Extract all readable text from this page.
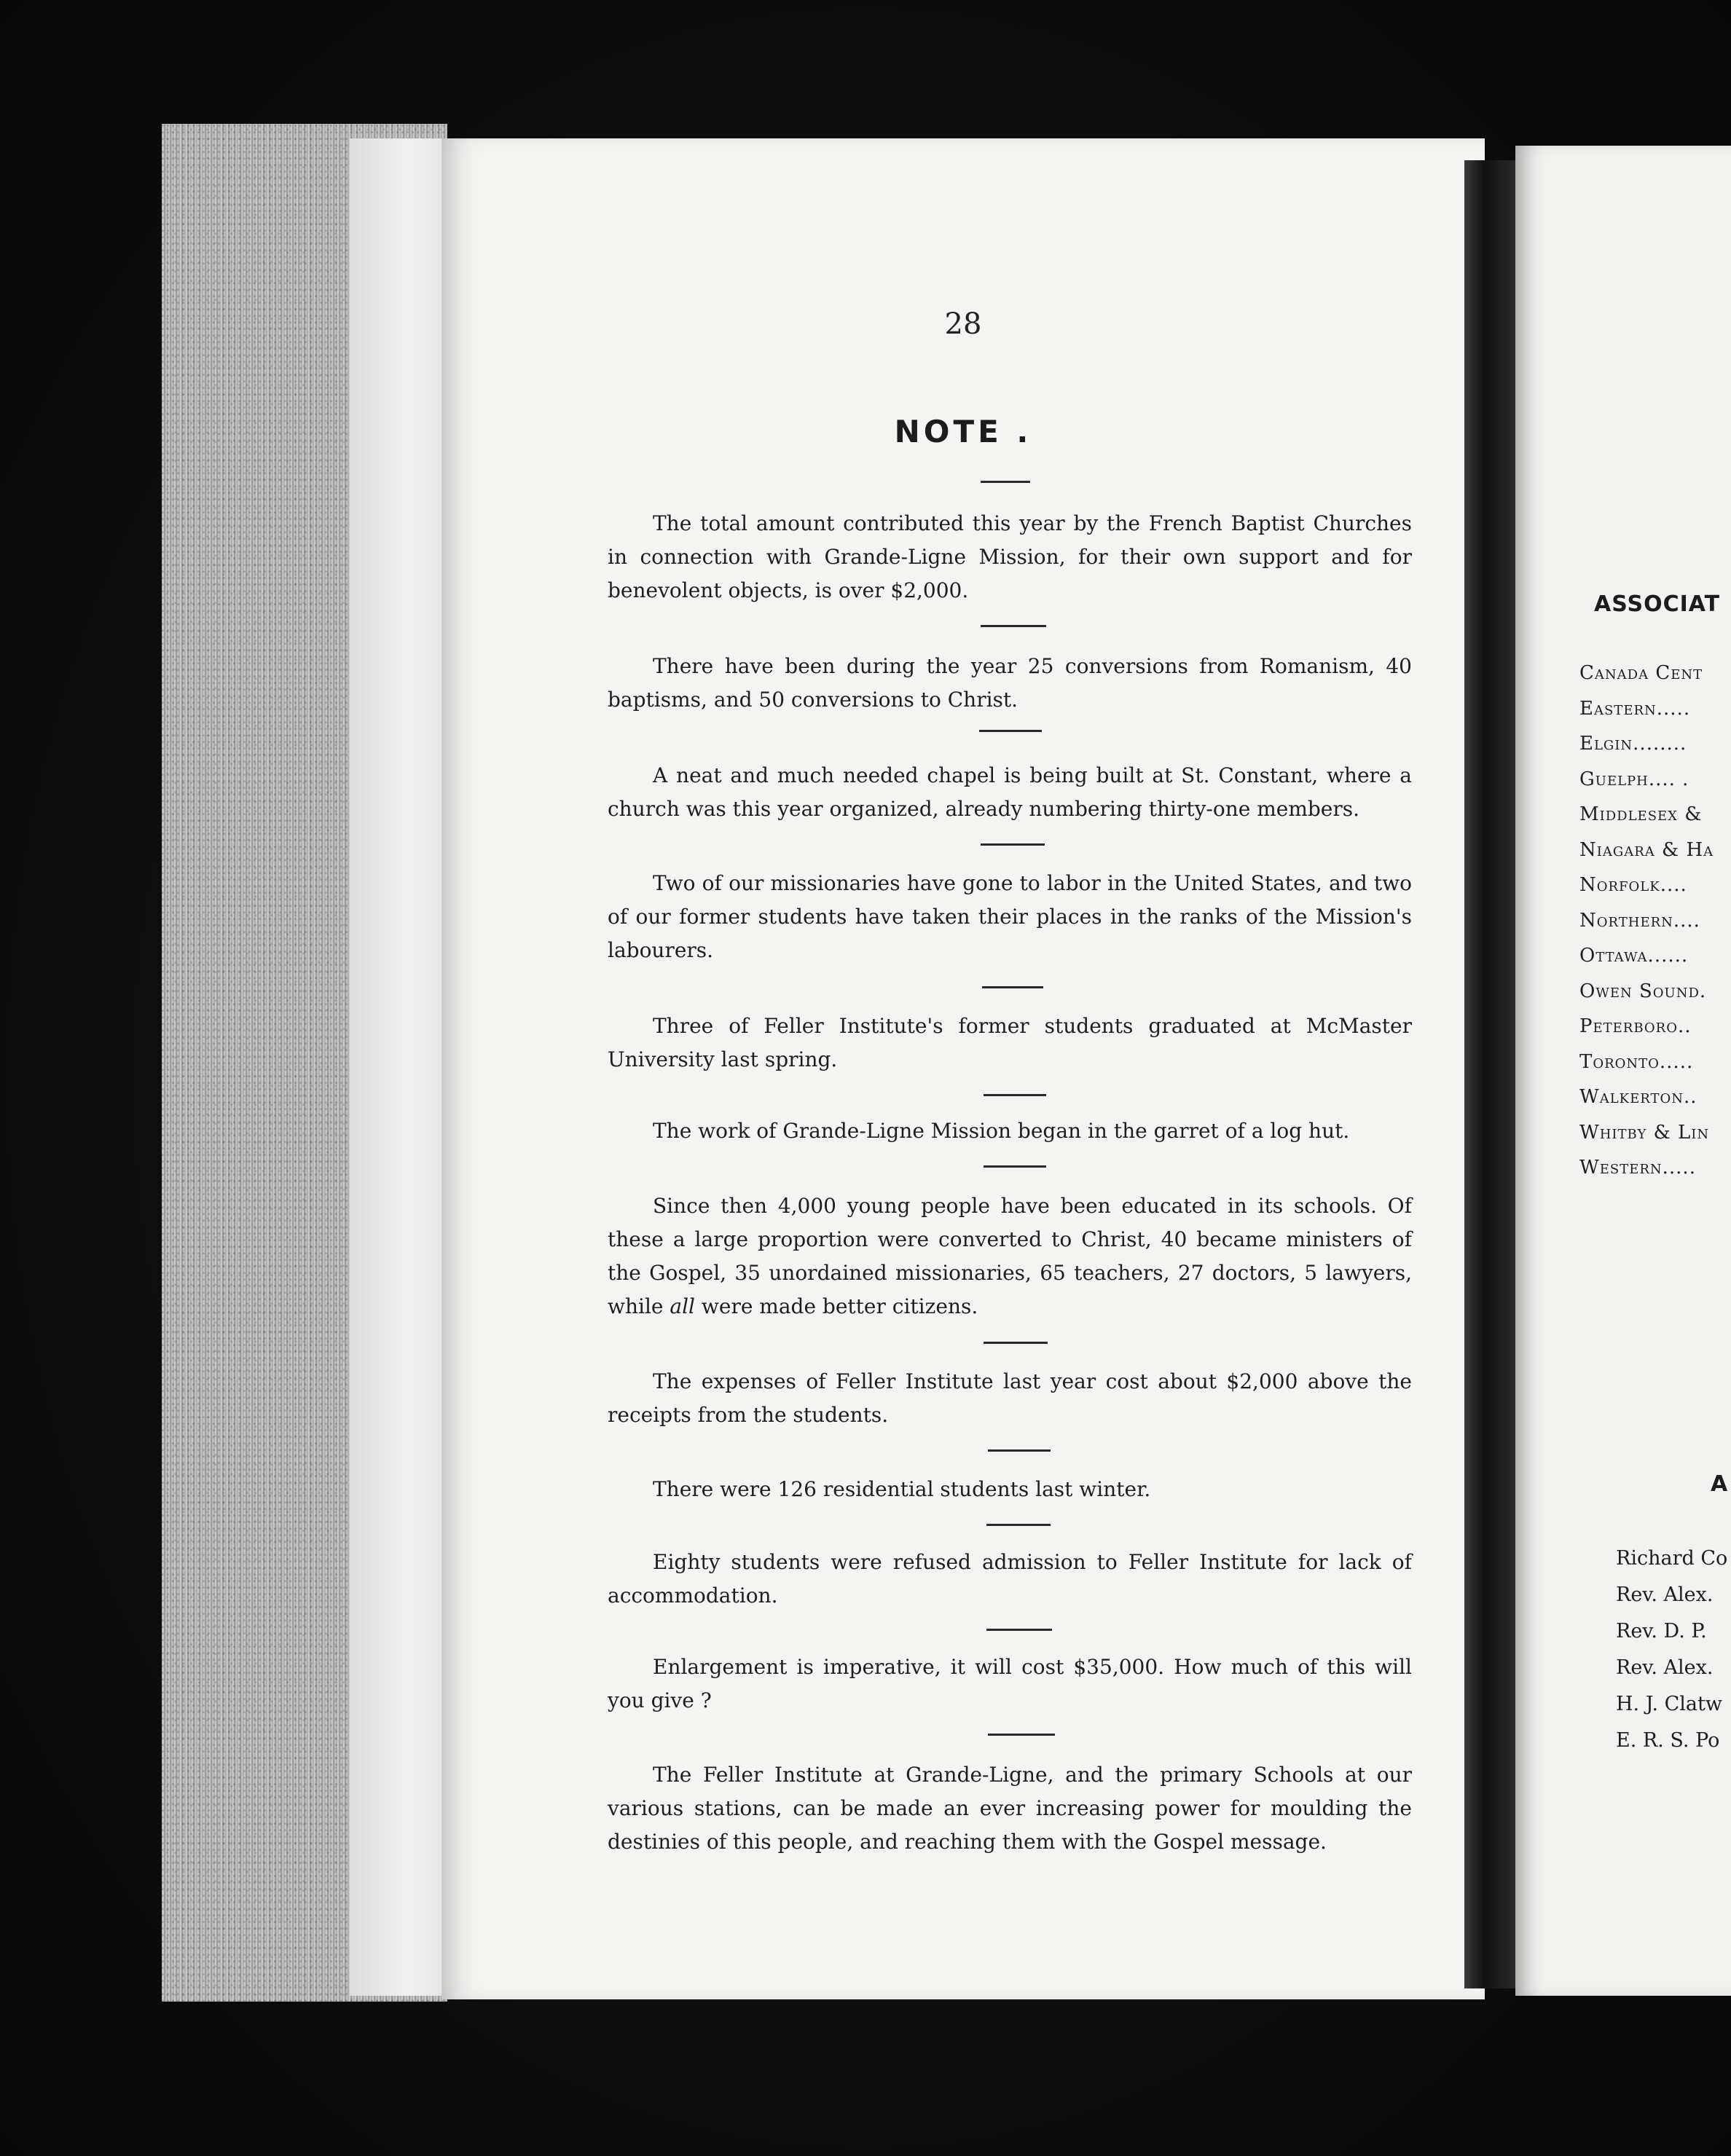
28
NOTE .

The total amount contributed this year by the French Baptist Churches in connection with Grande-Ligne Mission, for their own support and for benevolent objects, is over $2,000.

There have been during the year 25 conversions from Romanism, 40 baptisms, and 50 conversions to Christ.

A neat and much needed chapel is being built at St. Constant, where a church was this year organized, already numbering thirty-one members.

Two of our missionaries have gone to labor in the United States, and two of our former students have taken their places in the ranks of the Mission's labourers.

Three of Feller Institute's former students graduated at McMaster University last spring.

The work of Grande-Ligne Mission began in the garret of a log hut.

Since then 4,000 young people have been educated in its schools. Of these a large proportion were converted to Christ, 40 became ministers of the Gospel, 35 unordained missionaries, 65 teachers, 27 doctors, 5 lawyers, while all were made better citizens.

The expenses of Feller Institute last year cost about $2,000 above the receipts from the students.

There were 126 residential students last winter.

Eighty students were refused admission to Feller Institute for lack of accommodation.

Enlargement is imperative, it will cost $35,000. How much of this will you give ?

The Feller Institute at Grande-Ligne, and the primary Schools at our various stations, can be made an ever increasing power for moulding the destinies of this people, and reaching them with the Gospel message.

ASSOCIAT
Canada Cent
Eastern.....
Elgin........
Guelph.... .
Middlesex &
Niagara & Ha
Norfolk....
Northern....
Ottawa......
Owen Sound.
Peterboro..
Toronto.....
Walkerton..
Whitby & Lin
Western.....
A
Richard Co
Rev. Alex.
Rev. D. P.
Rev. Alex.
H. J. Clatw
E. R. S. Po
